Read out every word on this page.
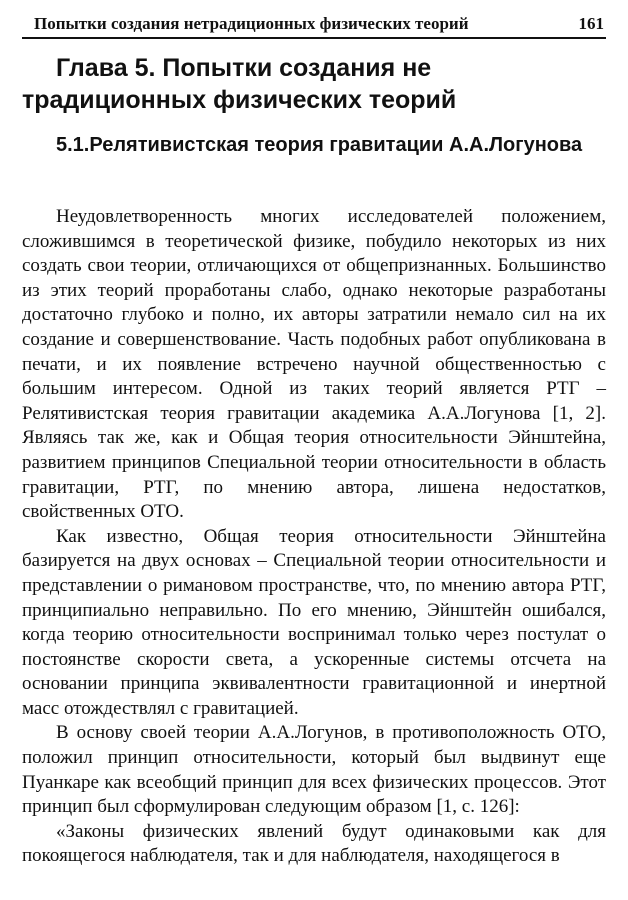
Попытки создания нетрадиционных физических теорий	161
Глава 5. Попытки создания не традиционных физических теорий
5.1.Релятивистская теория гравитации А.А.Логунова

Неудовлетворенность многих исследователей положением, сложившимся в теоретической физике, побудило некоторых из них создать свои теории, отличающихся от общепризнанных. Большинство из этих теорий проработаны слабо, однако некоторые разработаны достаточно глубоко и полно, их авторы затратили немало сил на их создание и совершенствование. Часть подобных работ опубликована в печати, и их появление встречено научной общественностью с большим интересом. Одной из таких теорий является РТГ – Релятивистская теория гравитации академика А.А.Логунова [1, 2]. Являясь так же, как и Общая теория относительности Эйнштейна, развитием принципов Специальной теории относительности в область гравитации, РТГ, по мнению автора, лишена недостатков, свойственных ОТО.

Как известно, Общая теория относительности Эйнштейна базируется на двух основах – Специальной теории относительности и представлении о римановом пространстве, что, по мнению автора РТГ, принципиально неправильно. По его мнению, Эйнштейн ошибался, когда теорию относительности воспринимал только через постулат о постоянстве скорости света, а ускоренные системы отсчета на основании принципа эквивалентности гравитационной и инертной масс отождествлял с гравитацией.

В основу своей теории А.А.Логунов, в противоположность ОТО, положил принцип относительности, который был выдвинут еще Пуанкаре как всеобщий принцип для всех физических процессов. Этот принцип был сформулирован следующим образом [1, с. 126]:

«Законы физических явлений будут одинаковыми как для покоящегося наблюдателя, так и для наблюдателя, находящегося в
